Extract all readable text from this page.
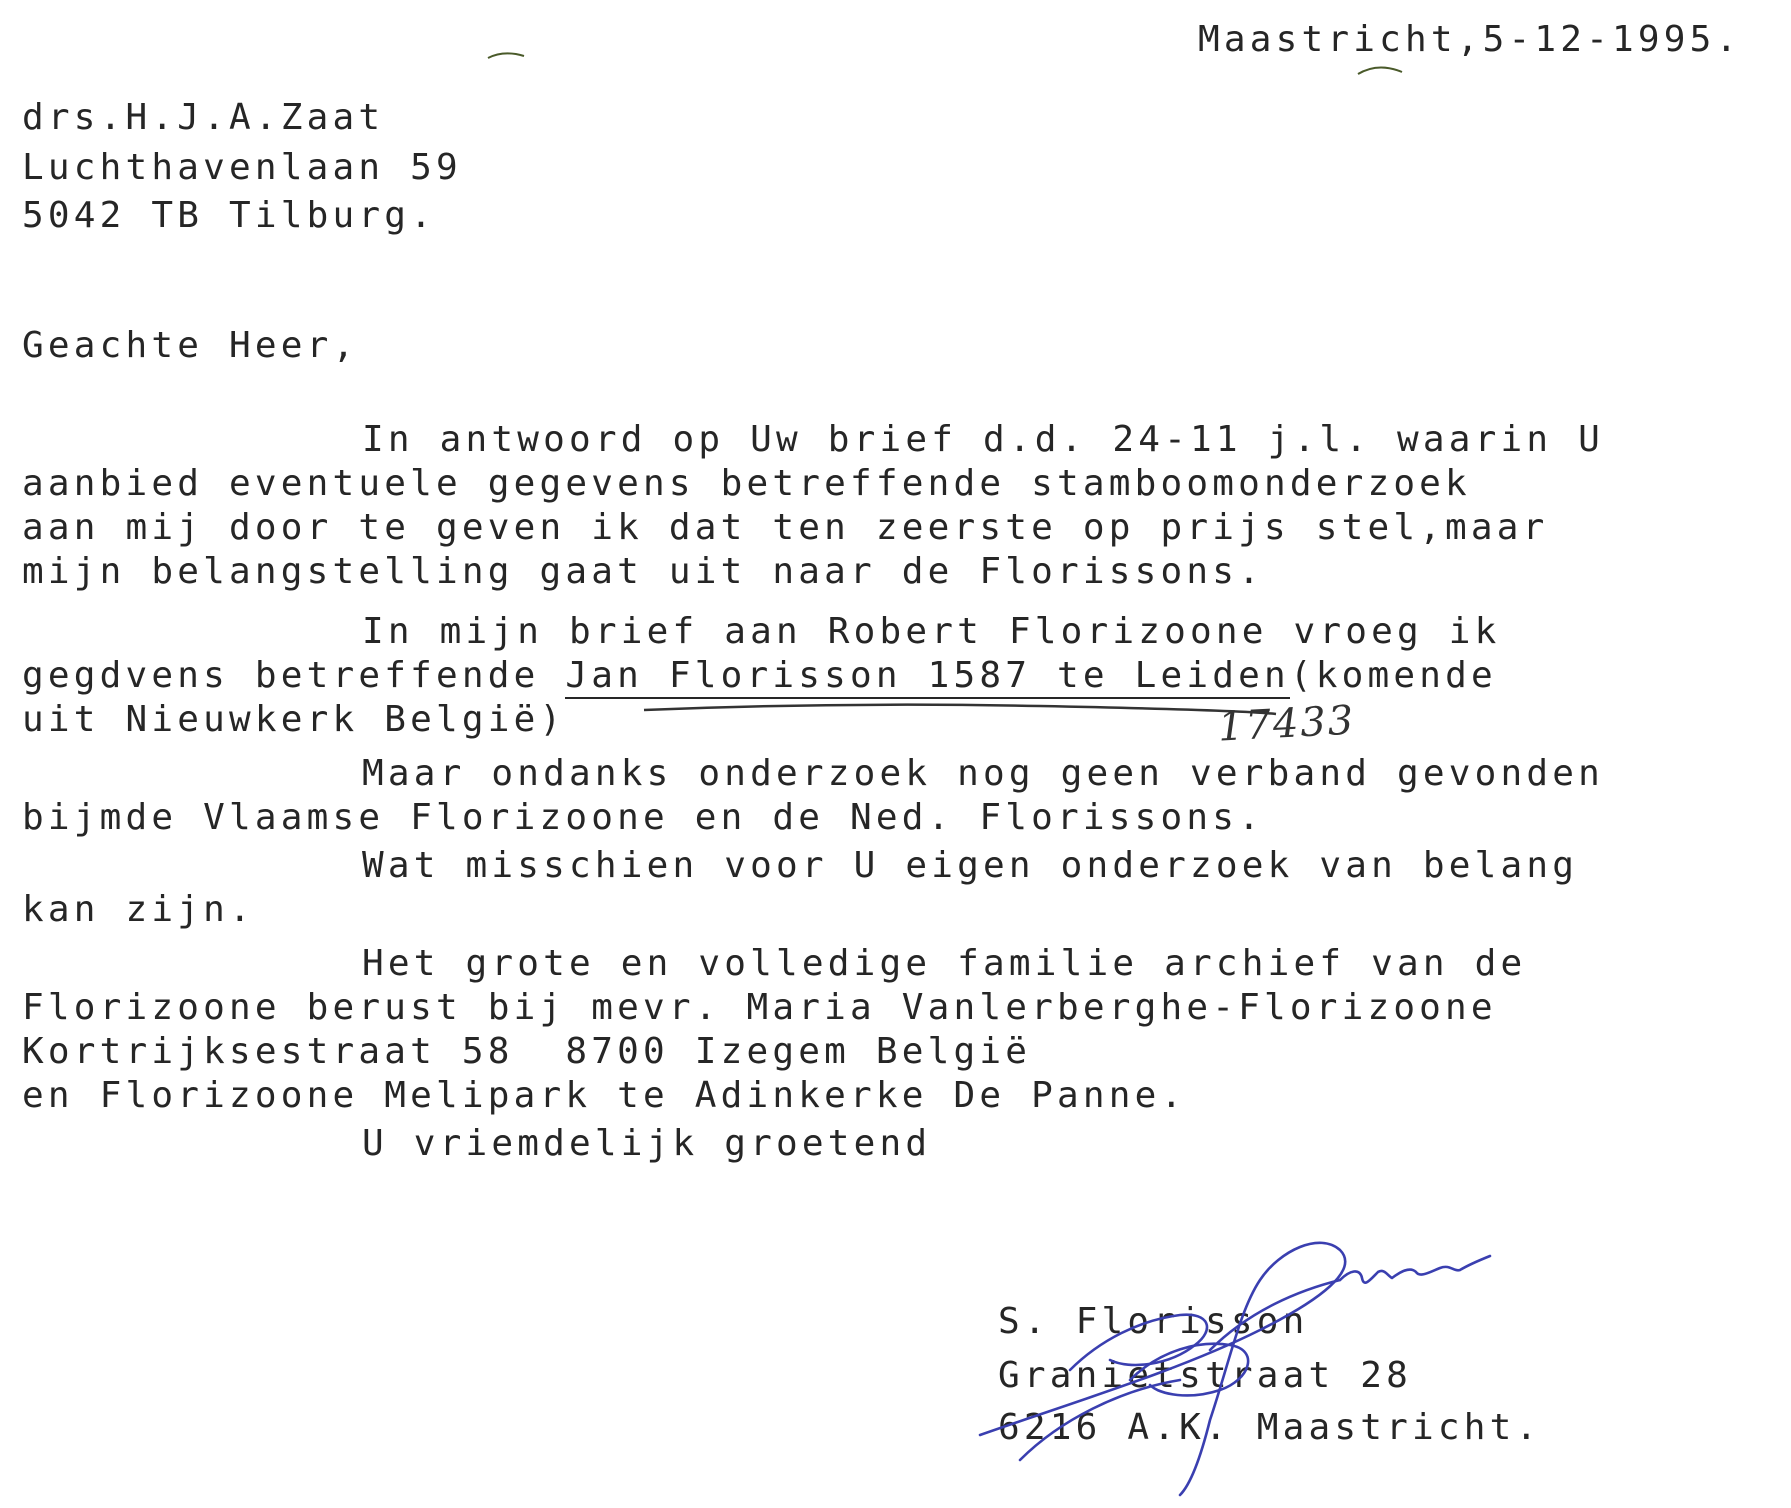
Maastricht,5-12-1995.
drs.H.J.A.Zaat
Luchthavenlaan 59
5042 TB Tilburg.
Geachte Heer,
In antwoord op Uw brief d.d. 24-11 j.l. waarin U
aanbied eventuele gegevens betreffende stamboomonderzoek
aan mij door te geven ik dat ten zeerste op prijs stel,maar
mijn belangstelling gaat uit naar de Florissons.
In mijn brief aan Robert Florizoone vroeg ik
gegdvens betreffende Jan Florisson 1587 te Leiden(komende
uit Nieuwkerk België)
Maar ondanks onderzoek nog geen verband gevonden
bijmde Vlaamse Florizoone en de Ned. Florissons.
Wat misschien voor U eigen onderzoek van belang
kan zijn.
Het grote en volledige familie archief van de
Florizoone berust bij mevr. Maria Vanlerberghe-Florizoone
Kortrijksestraat 58  8700 Izegem België
en Florizoone Melipark te Adinkerke De Panne.
U vriemdelijk groetend
17433
S. Florisson
Granietstraat 28
6216 A.K. Maastricht.
